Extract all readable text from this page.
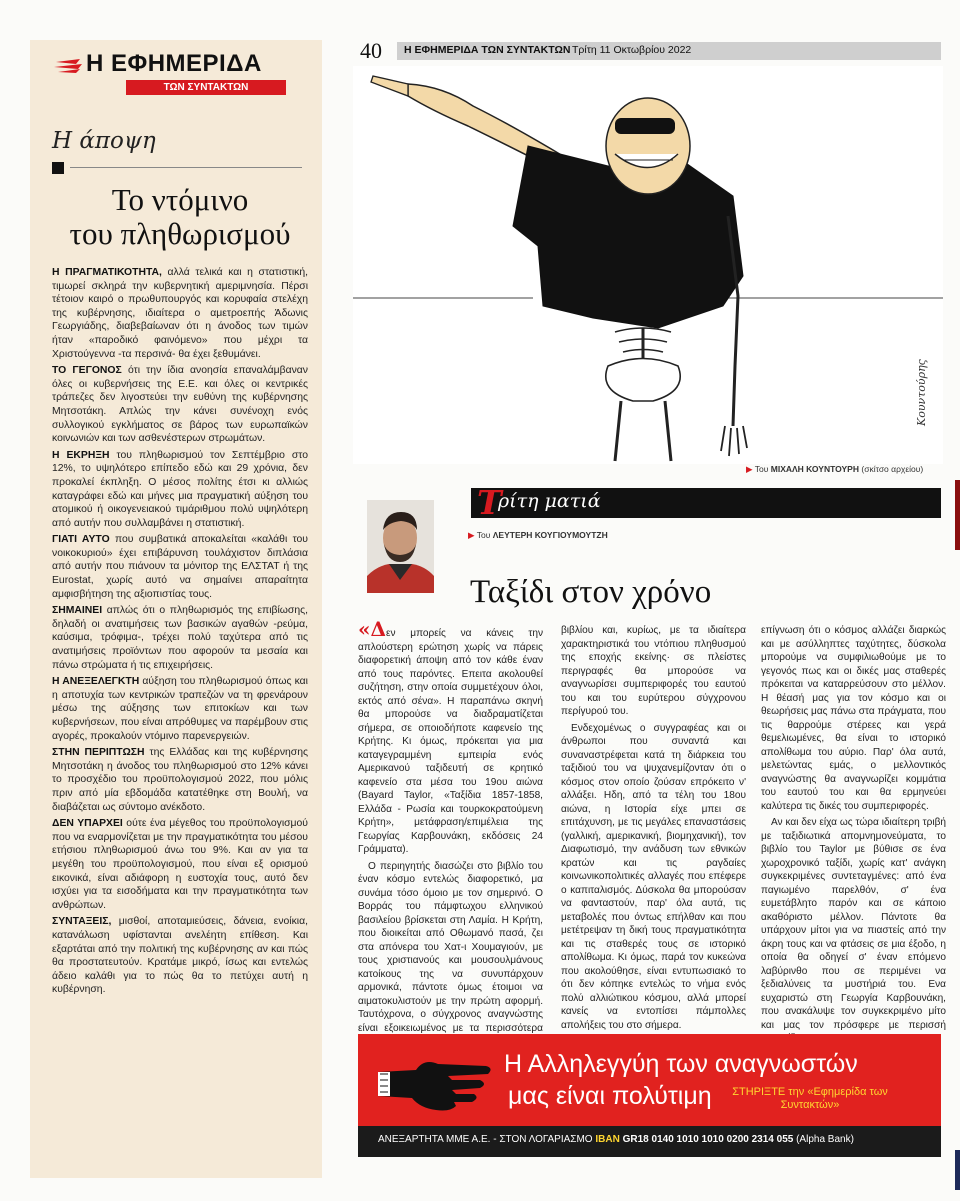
Η ΕΦΗΜΕΡΙΔΑ
ΤΩΝ ΣΥΝΤΑΚΤΩΝ
Η άποψη
Το ντόμινο
του πληθωρισμού

Η ΠΡΑΓΜΑΤΙΚΟΤΗΤΑ, αλλά τελικά και η στατιστική, τιμωρεί σκληρά την κυβερνητική αμεριμνησία. Πέρσι τέτοιον καιρό ο πρωθυπουργός και κορυφαία στελέχη της κυβέρνησης, ιδιαίτερα ο αμετροεπής Άδωνις Γεωργιάδης, διαβεβαίωναν ότι η άνοδος των τιμών ήταν «παροδικό φαινόμενο» που μέχρι τα Χριστούγεννα -τα περσινά- θα έχει ξεθυμάνει.

ΤΟ ΓΕΓΟΝΟΣ ότι την ίδια ανοησία επαναλάμβαναν όλες οι κυβερνήσεις της Ε.Ε. και όλες οι κεντρικές τράπεζες δεν λιγοστεύει την ευθύνη της κυβέρνησης Μητσοτάκη. Απλώς την κάνει συνένοχη ενός συλλογικού εγκλήματος σε βάρος των ευρωπαϊκών κοινωνιών και των ασθενέστερων στρωμάτων.

Η ΕΚΡΗΞΗ του πληθωρισμού τον Σεπτέμβριο στο 12%, το υψηλότερο επίπεδο εδώ και 29 χρόνια, δεν προκαλεί έκπληξη. Ο μέσος πολίτης έτσι κι αλλιώς καταγράφει εδώ και μήνες μια πραγματική αύξηση του ατομικού ή οικογενειακού τιμάριθμου πολύ υψηλότερη από αυτήν που συλλαμβάνει η στατιστική.

ΓΙΑΤΙ ΑΥΤΟ που συμβατικά αποκαλείται «καλάθι του νοικοκυριού» έχει επιβάρυνση τουλάχιστον διπλάσια από αυτήν που πιάνουν τα μόνιτορ της ΕΛΣΤΑΤ ή της Eurostat, χωρίς αυτό να σημαίνει απαραίτητα αμφισβήτηση της αξιοπιστίας τους.

ΣΗΜΑΙΝΕΙ απλώς ότι ο πληθωρισμός της επιβίωσης, δηλαδή οι ανατιμήσεις των βασικών αγαθών -ρεύμα, καύσιμα, τρόφιμα-, τρέχει πολύ ταχύτερα από τις ανατιμήσεις προϊόντων που αφορούν τα μεσαία και πάνω στρώματα ή τις επιχειρήσεις.

Η ΑΝΕΞΕΛΕΓΚΤΗ αύξηση του πληθωρισμού όπως και η αποτυχία των κεντρικών τραπεζών να τη φρενάρουν μέσω της αύξησης των επιτοκίων και των κυβερνήσεων, που είναι απρόθυμες να παρέμβουν στις αγορές, προκαλούν ντόμινο παρενεργειών.

ΣΤΗΝ ΠΕΡΙΠΤΩΣΗ της Ελλάδας και της κυβέρνησης Μητσοτάκη η άνοδος του πληθωρισμού στο 12% κάνει το προσχέδιο του προϋπολογισμού 2022, που μόλις πριν από μία εβδομάδα κατατέθηκε στη Βουλή, να διαβάζεται ως σύντομο ανέκδοτο.

ΔΕΝ ΥΠΑΡΧΕΙ ούτε ένα μέγεθος του προϋπολογισμού που να εναρμονίζεται με την πραγματικότητα του μέσου ετήσιου πληθωρισμού άνω του 9%. Και αν για τα μεγέθη του προϋπολογισμού, που είναι εξ ορισμού εικονικά, είναι αδιάφορη η ευστοχία τους, αυτό δεν ισχύει για τα εισοδήματα και την πραγματικότητα των ανθρώπων.

ΣΥΝΤΑΞΕΙΣ, μισθοί, αποταμιεύσεις, δάνεια, ενοίκια, κατανάλωση υφίστανται ανελέητη επίθεση. Και εξαρτάται από την πολιτική της κυβέρνησης αν και πώς θα προστατευτούν. Κρατάμε μικρό, ίσως και εντελώς άδειο καλάθι για το πώς θα το πετύχει αυτή η κυβέρνηση.

40 Η ΕΦΗΜΕΡΙΔΑ ΤΩΝ ΣΥΝΤΑΚΤΩΝ Τρίτη 11 Οκτωβρίου 2022
Κουντούρης
▶ Του ΜΙΧΑΛΗ ΚΟΥΝΤΟΥΡΗ (σκίτσο αρχείου)
Τ
ρίτη ματιά
▶ Του ΛΕΥΤΕΡΗ ΚΟΥΓΙΟΥΜΟΥΤΖΗ
Ταξίδι στον χρόνο

«Δεν μπορείς να κάνεις την απλούστερη ερώτηση χωρίς να πάρεις διαφορετική άποψη από τον κάθε έναν από τους παρόντες. Επειτα ακολουθεί συζήτηση, στην οποία συμμετέχουν όλοι, εκτός από σένα». Η παραπάνω σκηνή θα μπορούσε να διαδραματίζεται σήμερα, σε οποιοδήποτε καφενείο της Κρήτης. Κι όμως, πρόκειται για μια καταγεγραμμένη εμπειρία ενός Αμερικανού ταξιδευτή σε κρητικό καφενείο στα μέσα του 19ου αιώνα (Bayard Taylor, «Ταξίδια 1857-1858, Ελλάδα - Ρωσία και τουρκοκρατούμενη Κρήτη», μετάφραση/επιμέλεια της Γεωργίας Καρβουνάκη, εκδόσεις 24 Γράμματα).

Ο περιηγητής διασώζει στο βιβλίο του έναν κόσμο εντελώς διαφορετικό, μα συνάμα τόσο όμοιο με τον σημερινό. Ο Βορράς του πάμφτωχου ελληνικού βασιλείου βρίσκεται στη Λαμία. Η Κρήτη, που διοικείται από Οθωμανό πασά, ζει στα απόνερα του Χατ-ι Χουμαγιούν, με τους χριστιανούς και μουσουλμάνους κατοίκους της να συνυπάρχουν αρμονικά, πάντοτε όμως έτοιμοι να αιματοκυλιστούν με την πρώτη αφορμή. Ταυτόχρονα, ο σύγχρονος αναγνώστης είναι εξοικειωμένος με τα περισσότερα

βιβλίου και, κυρίως, με τα ιδιαίτερα χαρακτηριστικά του ντόπιου πληθυσμού της εποχής εκείνης· σε πλείστες περιγραφές θα μπορούσε να αναγνωρίσει συμπεριφορές του εαυτού του και του ευρύτερου σύγχρονου περίγυρού του.

Ενδεχομένως ο συγγραφέας και οι άνθρωποι που συναντά και συναναστρέφεται κατά τη διάρκεια του ταξιδιού του να ψυχανεμίζονταν ότι ο κόσμος στον οποίο ζούσαν επρόκειτο ν' αλλάξει. Ηδη, από τα τέλη του 18ου αιώνα, η Ιστορία είχε μπει σε επιτάχυνση, με τις μεγάλες επαναστάσεις (γαλλική, αμερικανική, βιομηχανική), τον Διαφωτισμό, την ανάδυση των εθνικών κρατών και τις ραγδαίες κοινωνικοπολιτικές αλλαγές που επέφερε ο καπιταλισμός. Δύσκολα θα μπορούσαν να φανταστούν, παρ' όλα αυτά, τις μεταβολές που όντως επήλθαν και που μετέτρεψαν τη δική τους πραγματικότητα και τις σταθερές τους σε ιστορικό απολίθωμα. Κι όμως, παρά τον κυκεώνα που ακολούθησε, είναι εντυπωσιακό το ότι δεν κόπηκε εντελώς το νήμα ενός πολύ αλλιώτικου κόσμου, αλλά μπορεί κανείς να εντοπίσει πάμπολλες απολήξεις του στο σήμερα.

επίγνωση ότι ο κόσμος αλλάζει διαρκώς και με ασύλληπτες ταχύτητες, δύσκολα μπορούμε να συμφιλιωθούμε με το γεγονός πως και οι δικές μας σταθερές πρόκειται να καταρρεύσουν στο μέλλον. Η θέασή μας για τον κόσμο και οι θεωρήσεις μας πάνω στα πράγματα, που τις θαρρούμε στέρεες και γερά θεμελιωμένες, θα είναι το ιστορικό απολίθωμα του αύριο. Παρ' όλα αυτά, μελετώντας εμάς, ο μελλοντικός αναγνώστης θα αναγνωρίζει κομμάτια του εαυτού του και θα ερμηνεύει καλύτερα τις δικές του συμπεριφορές.

Αν και δεν είχα ως τώρα ιδιαίτερη τριβή με ταξιδιωτικά απομνημονεύματα, το βιβλίο του Taylor με βύθισε σε ένα χωροχρονικό ταξίδι, χωρίς κατ' ανάγκη συγκεκριμένες συντεταγμένες: από ένα παγιωμένο παρελθόν, σ' ένα ευμετάβλητο παρόν και σε κάποιο ακαθόριστο μέλλον. Πάντοτε θα υπάρχουν μίτοι για να πιαστείς από την άκρη τους και να φτάσεις σε μια έξοδο, η οποία θα οδηγεί σ' έναν επόμενο λαβύρινθο που σε περιμένει να ξεδιαλύνεις τα μυστήριά του. Ενα ευχαριστώ στη Γεωργία Καρβουνάκη, που ανακάλυψε τον συγκεκριμένο μίτο και μας τον πρόσφερε με περισσή

Η Αλληλεγγύη των αναγνωστών
μας είναι πολύτιμη	ΣΤΗΡΙΞΤΕ την «Εφημερίδα των Συντακτών»
ΑΝΕΞΑΡΤΗΤΑ ΜΜΕ Α.Ε. - ΣΤΟΝ ΛΟΓΑΡΙΑΣΜΟ IBAN GR18 0140 1010 1010 0200 2314 055 (Alpha Bank)
